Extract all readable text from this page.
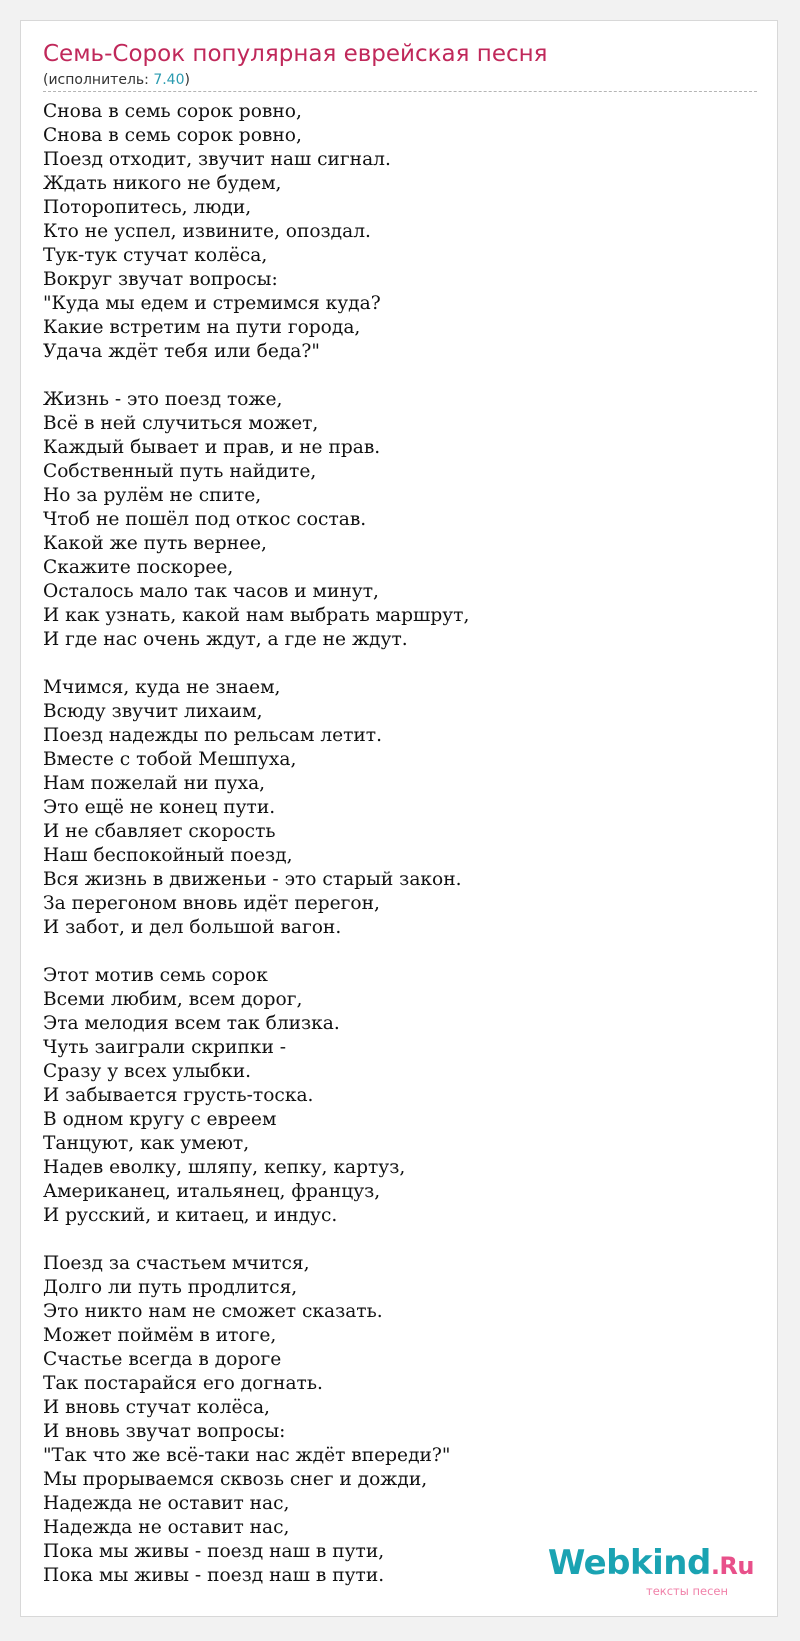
Семь-Сорок популярная еврейская песня
(исполнитель: 7.40)
Снова в семь сорок ровно,
Снова в семь сорок ровно,
Поезд отходит, звучит наш сигнал.
Ждать никого не будем,
Поторопитесь, люди,
Кто не успел, извините, опоздал.
Тук-тук стучат колёса,
Вокруг звучат вопросы:
"Куда мы едем и стремимся куда?
Какие встретим на пути города,
Удача ждёт тебя или беда?"
Жизнь - это поезд тоже,
Всё в ней случиться может,
Каждый бывает и прав, и не прав.
Собственный путь найдите,
Но за рулём не спите,
Чтоб не пошёл под откос состав.
Какой же путь вернее,
Скажите поскорее,
Осталось мало так часов и минут,
И как узнать, какой нам выбрать маршрут,
И где нас очень ждут, а где не ждут.
Мчимся, куда не знаем,
Всюду звучит лихаим,
Поезд надежды по рельсам летит.
Вместе с тобой Мешпуха,
Нам пожелай ни пуха,
Это ещё не конец пути.
И не сбавляет скорость
Наш беспокойный поезд,
Вся жизнь в движеньи - это старый закон.
За перегоном вновь идёт перегон,
И забот, и дел большой вагон.
Этот мотив семь сорок
Всеми любим, всем дорог,
Эта мелодия всем так близка.
Чуть заиграли скрипки -
Сразу у всех улыбки.
И забывается грусть-тоска.
В одном кругу с евреем
Танцуют, как умеют,
Надев еволку, шляпу, кепку, картуз,
Американец, итальянец, француз,
И русский, и китаец, и индус.
Поезд за счастьем мчится,
Долго ли путь продлится,
Это никто нам не сможет сказать.
Может поймём в итоге,
Счастье всегда в дороге
Так постарайся его догнать.
И вновь стучат колёса,
И вновь звучат вопросы:
"Так что же всё-таки нас ждёт впереди?"
Мы прорываемся сквозь снег и дожди,
Надежда не оставит нас,
Надежда не оставит нас,
Пока мы живы - поезд наш в пути,
Пока мы живы - поезд наш в пути.	Webkind.Ru
тексты песен
